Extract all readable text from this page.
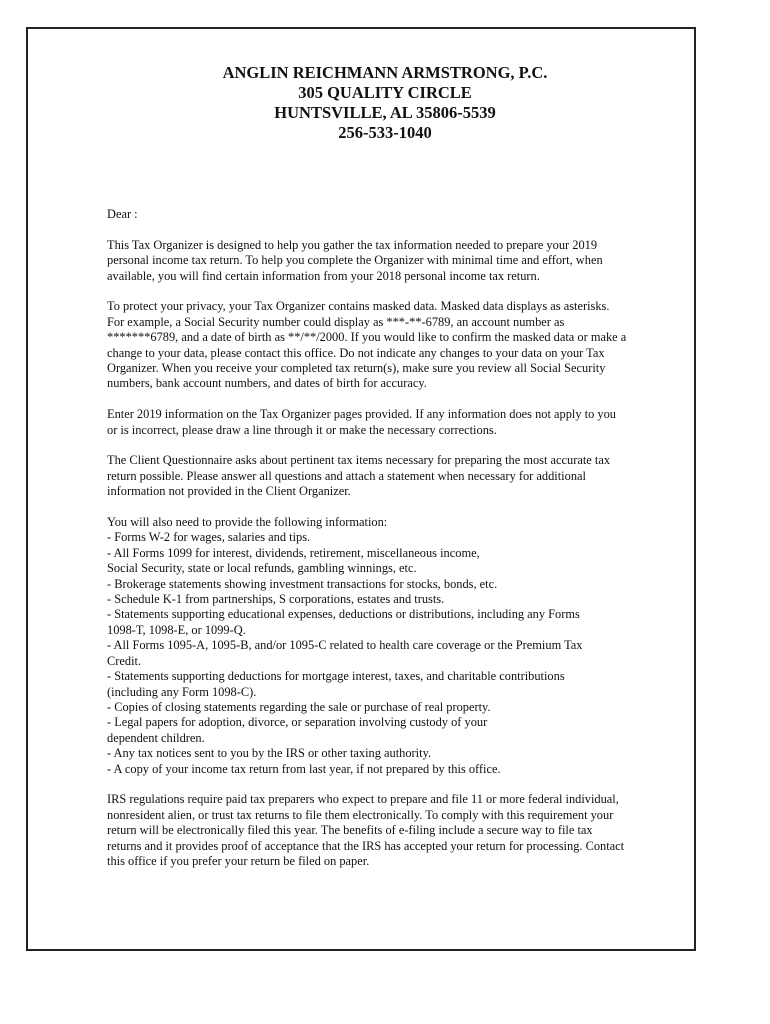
ANGLIN REICHMANN ARMSTRONG, P.C.
305 QUALITY CIRCLE
HUNTSVILLE, AL 35806-5539
256-533-1040

Dear :

This Tax Organizer is designed to help you gather the tax information needed to prepare your 2019 personal income tax return. To help you complete the Organizer with minimal time and effort, when available, you will find certain information from your 2018 personal income tax return.

To protect your privacy, your Tax Organizer contains masked data. Masked data displays as asterisks. For example, a Social Security number could display as ***-**-6789, an account number as *******6789, and a date of birth as **/**/2000. If you would like to confirm the masked data or make a change to your data, please contact this office. Do not indicate any changes to your data on your Tax Organizer. When you receive your completed tax return(s), make sure you review all Social Security numbers, bank account numbers, and dates of birth for accuracy.

Enter 2019 information on the Tax Organizer pages provided. If any information does not apply to you or is incorrect, please draw a line through it or make the necessary corrections.

The Client Questionnaire asks about pertinent tax items necessary for preparing the most accurate tax return possible. Please answer all questions and attach a statement when necessary for additional information not provided in the Client Organizer.

You will also need to provide the following information:
- Forms W-2 for wages, salaries and tips.
- All Forms 1099 for interest, dividends, retirement, miscellaneous income,
Social Security, state or local refunds, gambling winnings, etc.
- Brokerage statements showing investment transactions for stocks, bonds, etc.
- Schedule K-1 from partnerships, S corporations, estates and trusts.
- Statements supporting educational expenses, deductions or distributions, including any Forms
1098-T, 1098-E, or 1099-Q.
- All Forms 1095-A, 1095-B, and/or 1095-C related to health care coverage or the Premium Tax
Credit.
- Statements supporting deductions for mortgage interest, taxes, and charitable contributions
(including any Form 1098-C).
- Copies of closing statements regarding the sale or purchase of real property.
- Legal papers for adoption, divorce, or separation involving custody of your
dependent children.
- Any tax notices sent to you by the IRS or other taxing authority.
- A copy of your income tax return from last year, if not prepared by this office.

IRS regulations require paid tax preparers who expect to prepare and file 11 or more federal individual, nonresident alien, or trust tax returns to file them electronically. To comply with this requirement your return will be electronically filed this year. The benefits of e-filing include a secure way to file tax returns and it provides proof of acceptance that the IRS has accepted your return for processing. Contact this office if you prefer your return be filed on paper.
